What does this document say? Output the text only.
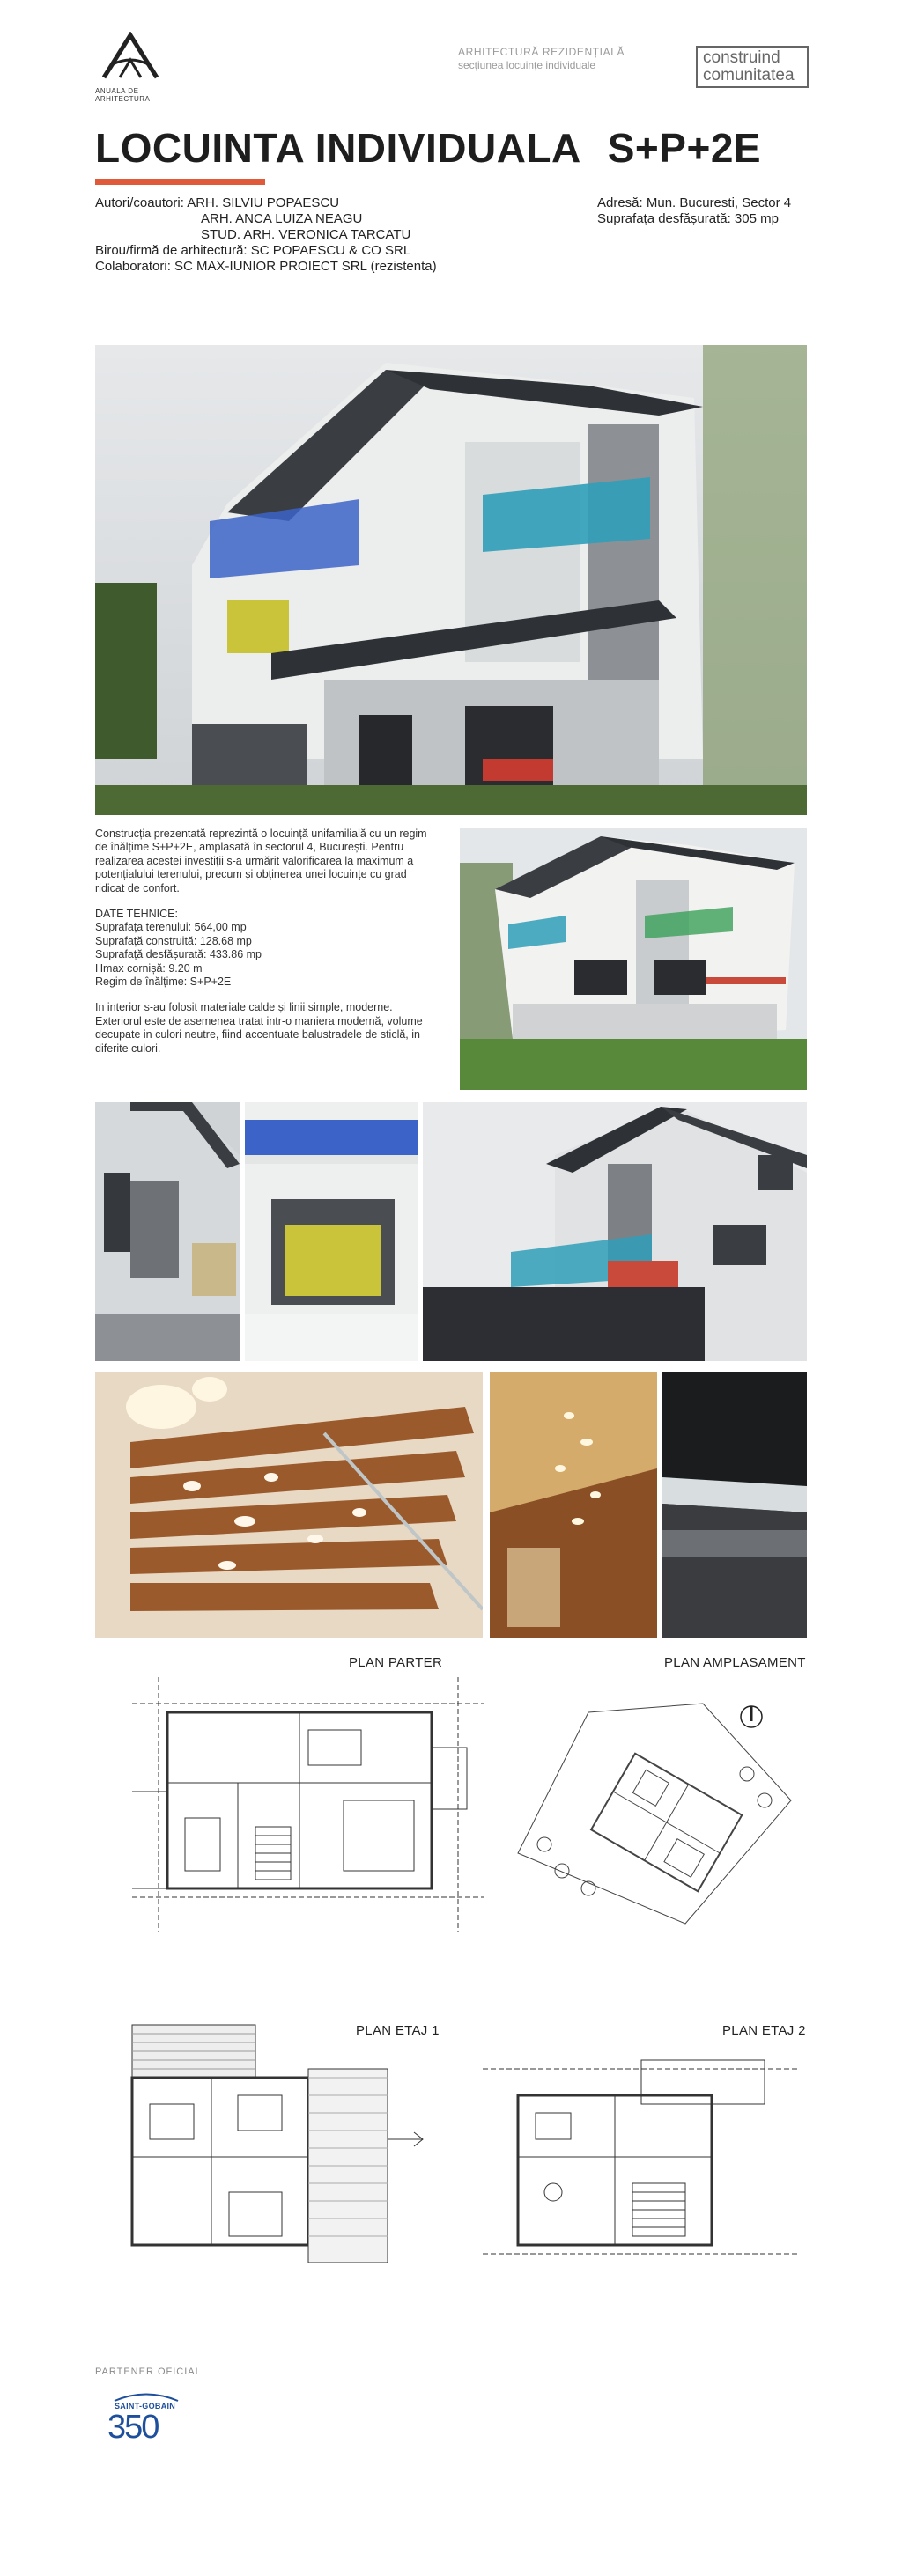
ANUALA DE ARHITECTURA
ARHITECTURĂ REZIDENȚIALĂ
secțiunea locuințe individuale	construind comunitatea
LOCUINTA INDIVIDUALA S+P+2E
Autori/coautori: ARH. SILVIU POPAESCU
ARH. ANCA LUIZA NEAGU
STUD. ARH. VERONICA TARCATU
Birou/firmă de arhitectură: SC POPAESCU & CO SRL
Colaboratori: SC MAX-IUNIOR PROIECT SRL (rezistenta)
Adresă: Mun. Bucuresti, Sector 4
Suprafața desfășurată: 305 mp

Construcția prezentată reprezintă o locuință unifamilială cu un regim de înălțime S+P+2E, amplasată în sectorul 4, București. Pentru realizarea acestei investiții s-a urmărit valorificarea la maximum a potențialului terenului, precum și obținerea unei locuințe cu grad ridicat de confort.

DATE TEHNICE:
Suprafața terenului: 564,00 mp
Suprafață construită: 128.68 mp
Suprafață desfășurată: 433.86 mp
Hmax cornișă: 9.20 m
Regim de înălțime: S+P+2E

In interior s-au folosit materiale calde și linii simple, moderne. Exteriorul este de asemenea tratat intr-o maniera modernă, volume decupate in culori neutre, fiind accentuate balustradele de sticlă, in diferite culori.

PLAN PARTER	PLAN AMPLASAMENT
PLAN ETAJ 1	PLAN ETAJ 2
PARTENER OFICIAL
SAINT-GOBAIN
350
